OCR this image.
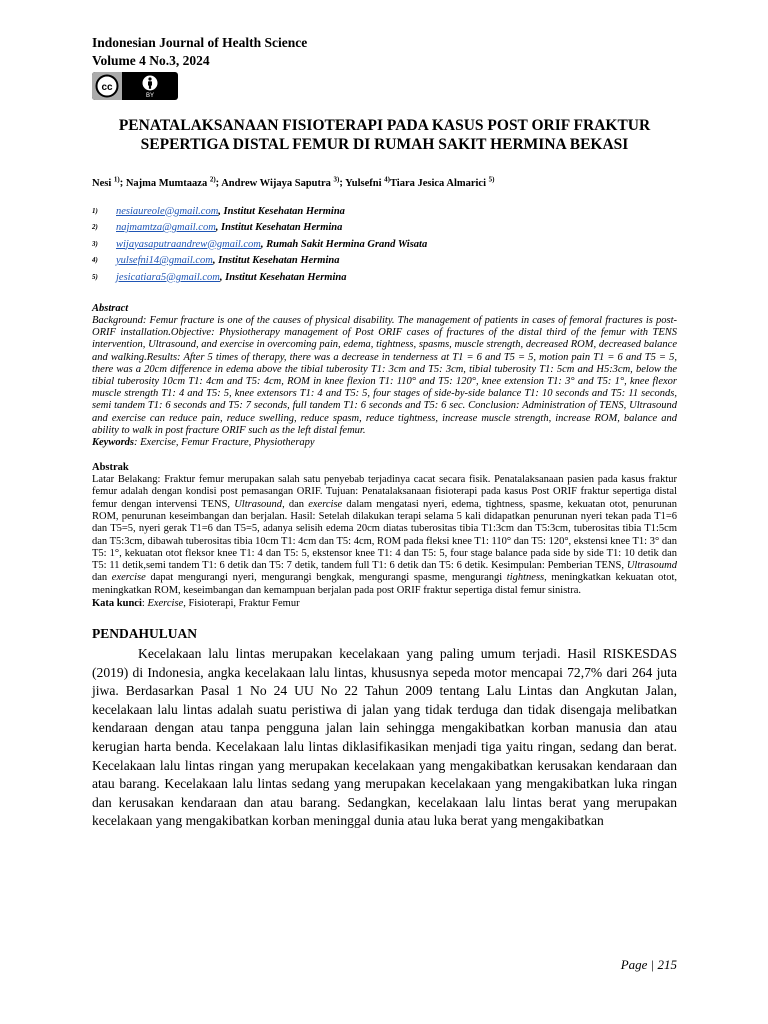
Indonesian Journal of Health Science
Volume 4 No.3, 2024
cc
BY
PENATALAKSANAAN FISIOTERAPI PADA KASUS POST ORIF FRAKTUR SEPERTIGA DISTAL FEMUR DI RUMAH SAKIT HERMINA BEKASI
Nesi $^{1)}$; Najma Mumtaaza $^{2)}$; Andrew Wijaya Saputra $^{3)}$; Yulsefni $^{4)}$Tiara Jesica Almarici $^{5)}$
$^{1)}$	nesiaureole@gmail.com, Institut Kesehatan Hermina
$^{2)}$	najmamtza@gmail.com, Institut Kesehatan Hermina
$^{3)}$	wijayasaputraandrew@gmail.com, Rumah Sakit Hermina Grand Wisata
$^{4)}$	yulsefni14@gmail.com, Institut Kesehatan Hermina
$^{5)}$	jesicatiara5@gmail.com, Institut Kesehatan Hermina
Abstract
Background: Femur fracture is one of the causes of physical disability. The management of patients in cases of femoral fractures is post-ORIF installation.Objective: Physiotherapy management of Post ORIF cases of fractures of the distal third of the femur with TENS intervention, Ultrasound, and exercise in overcoming pain, edema, tightness, spasms, muscle strength, decreased ROM, decreased balance and walking.Results: After 5 times of therapy, there was a decrease in tenderness at T1 = 6 and T5 = 5, motion pain T1 = 6 and T5 = 5, there was a 20cm difference in edema above the tibial tuberosity T1: 3cm and T5: 3cm, tibial tuberosity T1: 5cm and H5:3cm, below the tibial tuberosity 10cm T1: 4cm and T5: 4cm, ROM in knee flexion T1: 110° and T5: 120°, knee extension T1: 3° and T5: 1°, knee flexor muscle strength T1: 4 and T5: 5, knee extensors T1: 4 and T5: 5, four stages of side-by-side balance T1: 10 seconds and T5: 11 seconds, semi tandem T1: 6 seconds and T5: 7 seconds, full tandem T1: 6 seconds and T5: 6 sec. Conclusion: Administration of TENS, Ultrasound and exercise can reduce pain, reduce swelling, reduce spasm, reduce tightness, increase muscle strength, increase ROM, balance and ability to walk in post fracture ORIF such as the left distal femur.
Keywords: Exercise, Femur Fracture, Physiotherapy
Abstrak
Latar Belakang: Fraktur femur merupakan salah satu penyebab terjadinya cacat secara fisik. Penatalaksanaan pasien pada kasus fraktur femur adalah dengan kondisi post pemasangan ORIF. Tujuan: Penatalaksanaan fisioterapi pada kasus Post ORIF fraktur sepertiga distal femur dengan intervensi TENS, Ultrasound, dan exercise dalam mengatasi nyeri, edema, tightness, spasme, kekuatan otot, penurunan ROM, penurunan keseimbangan dan berjalan. Hasil: Setelah dilakukan terapi selama 5 kali didapatkan penurunan nyeri tekan pada T1=6 dan T5=5, nyeri gerak T1=6 dan T5=5, adanya selisih edema 20cm diatas tuberositas tibia T1:3cm dan T5:3cm, tuberositas tibia T1:5cm dan T5:3cm, dibawah tuberositas tibia 10cm T1: 4cm dan T5: 4cm, ROM pada fleksi knee T1: 110° dan T5: 120°, ekstensi knee T1: 3° dan T5: 1°, kekuatan otot fleksor knee T1: 4 dan T5: 5, ekstensor knee T1: 4 dan T5: 5, four stage balance pada side by side T1: 10 detik dan T5: 11 detik,semi tandem T1: 6 detik dan T5: 7 detik, tandem full T1: 6 detik dan T5: 6 detik. Kesimpulan: Pemberian TENS, Ultrasoumd dan exercise dapat mengurangi nyeri, mengurangi bengkak, mengurangi spasme, mengurangi tightness, meningkatkan kekuatan otot, meningkatkan ROM, keseimbangan dan kemampuan berjalan pada post ORIF fraktur sepertiga distal femur sinistra.
Kata kunci: Exercise, Fisioterapi, Fraktur Femur
PENDAHULUAN
Kecelakaan lalu lintas merupakan kecelakaan yang paling umum terjadi. Hasil RISKESDAS (2019) di Indonesia, angka kecelakaan lalu lintas, khususnya sepeda motor mencapai 72,7% dari 264 juta jiwa. Berdasarkan Pasal 1 No 24 UU No 22 Tahun 2009 tentang Lalu Lintas dan Angkutan Jalan, kecelakaan lalu lintas adalah suatu peristiwa di jalan yang tidak terduga dan tidak disengaja melibatkan kendaraan dengan atau tanpa pengguna jalan lain sehingga mengakibatkan korban manusia dan atau kerugian harta benda. Kecelakaan lalu lintas diklasifikasikan menjadi tiga yaitu ringan, sedang dan berat. Kecelakaan lalu lintas ringan yang merupakan kecelakaan yang mengakibatkan kerusakan kendaraan dan atau barang. Kecelakaan lalu lintas sedang yang merupakan kecelakaan yang mengakibatkan luka ringan dan kerusakan kendaraan dan atau barang. Sedangkan, kecelakaan lalu lintas berat yang merupakan kecelakaan yang mengakibatkan korban meninggal dunia atau luka berat yang mengakibatkan
Page | 215
